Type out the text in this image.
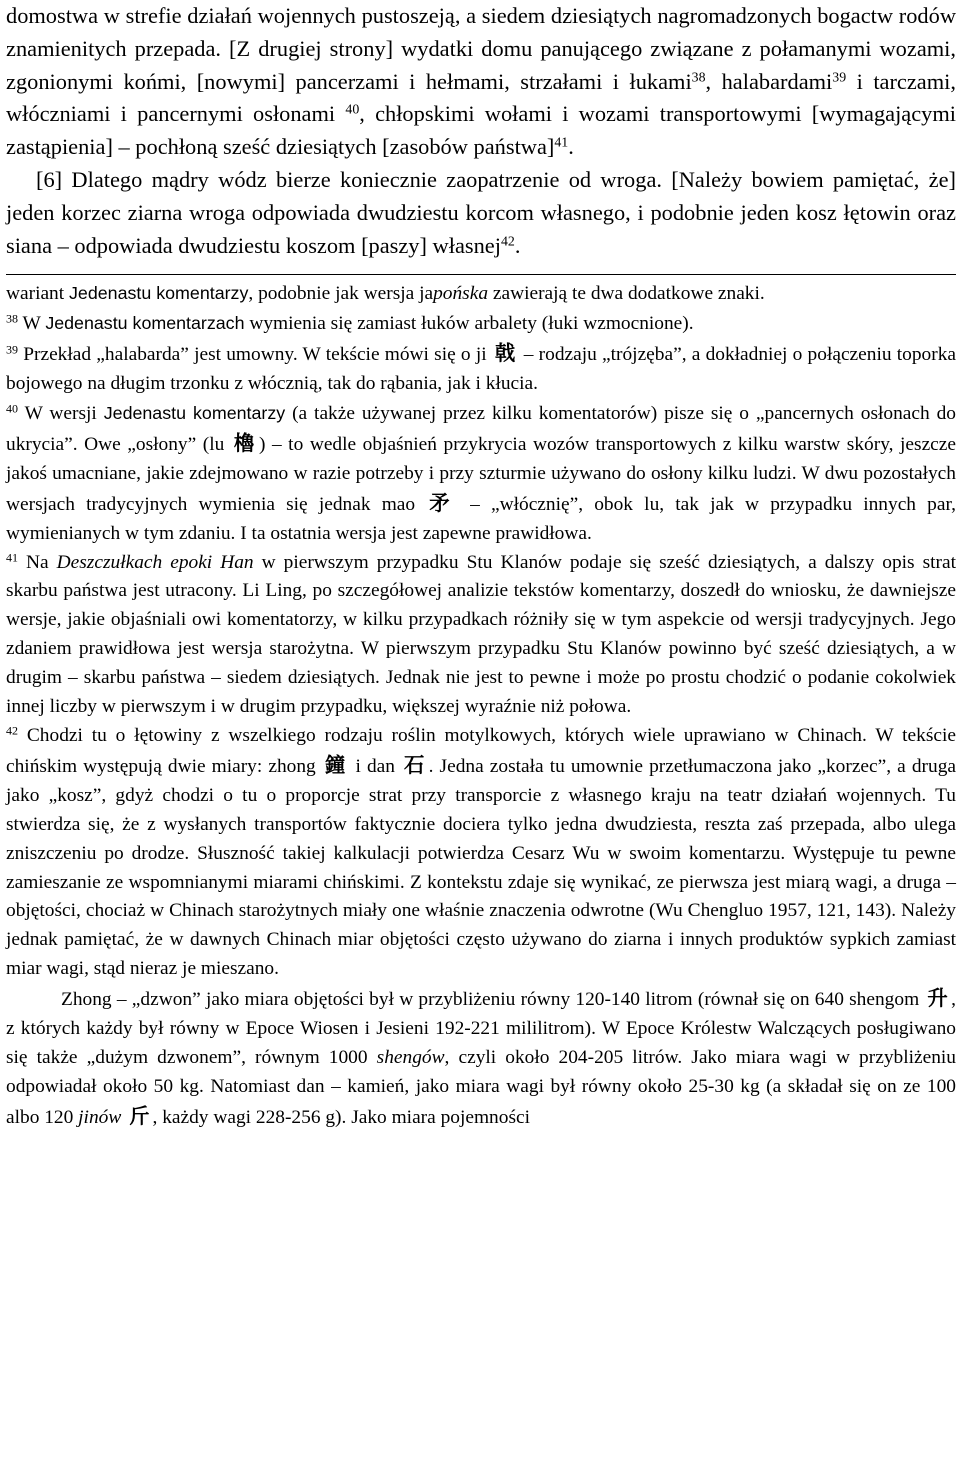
domostwa w strefie działań wojennych pustoszeją, a siedem dziesiątych nagromadzonych bogactw rodów znamienitych przepada. [Z drugiej strony] wydatki domu panującego związane z połamanymi wozami, zgonionymi końmi, [nowymi] pancerzami i hełmami, strzałami i łukami$^{38}$, halabardami$^{39}$ i tarczami, włóczniami i pancernymi osłonami $^{40}$, chłopskimi wołami i wozami transportowymi [wymagającymi zastąpienia] – pochłoną sześć dziesiątych [zasobów państwa]$^{41}$.

[6] Dlatego mądry wódz bierze koniecznie zaopatrzenie od wroga. [Należy bowiem pamiętać, że] jeden korzec ziarna wroga odpowiada dwudziestu korcom własnego, i podobnie jeden kosz łętowin oraz siana – odpowiada dwudziestu koszom [paszy] własnej$^{42}$.

wariant Jedenastu komentarzy, podobnie jak wersja japońska zawierają te dwa dodatkowe znaki.
$^{38}$ W Jedenastu komentarzach wymienia się zamiast łuków arbalety (łuki wzmocnione).
$^{39}$ Przekład „halabarda” jest umowny. W tekście mówi się o ji 戟 – rodzaju „trójzęba”, a dokładniej o połączeniu toporka bojowego na długim trzonku z włócznią, tak do rąbania, jak i kłucia.
$^{40}$ W wersji Jedenastu komentarzy (a także używanej przez kilku komentatorów) pisze się o „pancernych osłonach do ukrycia”. Owe „osłony” (lu 櫓 ) – to wedle objaśnień przykrycia wozów transportowych z kilku warstw skóry, jeszcze jakoś umacniane, jakie zdejmowano w razie potrzeby i przy szturmie używano do osłony kilku ludzi. W dwu pozostałych wersjach tradycyjnych wymienia się jednak mao 矛 – „włócznię”, obok lu, tak jak w przypadku innych par, wymienianych w tym zdaniu. I ta ostatnia wersja jest zapewne prawidłowa.
$^{41}$ Na Deszczułkach epoki Han w pierwszym przypadku Stu Klanów podaje się sześć dziesiątych, a dalszy opis strat skarbu państwa jest utracony. Li Ling, po szczegółowej analizie tekstów komentarzy, doszedł do wniosku, że dawniejsze wersje, jakie objaśniali owi komentatorzy, w kilku przypadkach różniły się w tym aspekcie od wersji tradycyjnych. Jego zdaniem prawidłowa jest wersja starożytna. W pierwszym przypadku Stu Klanów powinno być sześć dziesiątych, a w drugim – skarbu państwa – siedem dziesiątych. Jednak nie jest to pewne i może po prostu chodzić o podanie cokolwiek innej liczby w pierwszym i w drugim przypadku, większej wyraźnie niż połowa.
$^{42}$ Chodzi tu o łętowiny z wszelkiego rodzaju roślin motylkowych, których wiele uprawiano w Chinach. W tekście chińskim występują dwie miary: zhong 鐘 i dan 石 . Jedna została tu umownie przetłumaczona jako „korzec”, a druga jako „kosz”, gdyż chodzi o tu o proporcje strat przy transporcie z własnego kraju na teatr działań wojennych. Tu stwierdza się, że z wysłanych transportów faktycznie dociera tylko jedna dwudziesta, reszta zaś przepada, albo ulega zniszczeniu po drodze. Słuszność takiej kalkulacji potwierdza Cesarz Wu w swoim komentarzu. Występuje tu pewne zamieszanie ze wspomnianymi miarami chińskimi. Z kontekstu zdaje się wynikać, ze pierwsza jest miarą wagi, a druga – objętości, chociaż w Chinach starożytnych miały one właśnie znaczenia odwrotne (Wu Chengluo 1957, 121, 143). Należy jednak pamiętać, że w dawnych Chinach miar objętości często używano do ziarna i innych produktów sypkich zamiast miar wagi, stąd nieraz je mieszano.
Zhong – „dzwon” jako miara objętości był w przybliżeniu równy 120-140 litrom (równał się on 640 shengom 升 , z których każdy był równy w Epoce Wiosen i Jesieni 192-221 mililitrom). W Epoce Królestw Walczących posługiwano się także „dużym dzwonem”, równym 1000 shengów, czyli około 204-205 litrów. Jako miara wagi w przybliżeniu odpowiadał około 50 kg. Natomiast dan – kamień, jako miara wagi był równy około 25-30 kg (a składał się on ze 100 albo 120 jinów 斤 , każdy wagi 228-256 g). Jako miara pojemności
